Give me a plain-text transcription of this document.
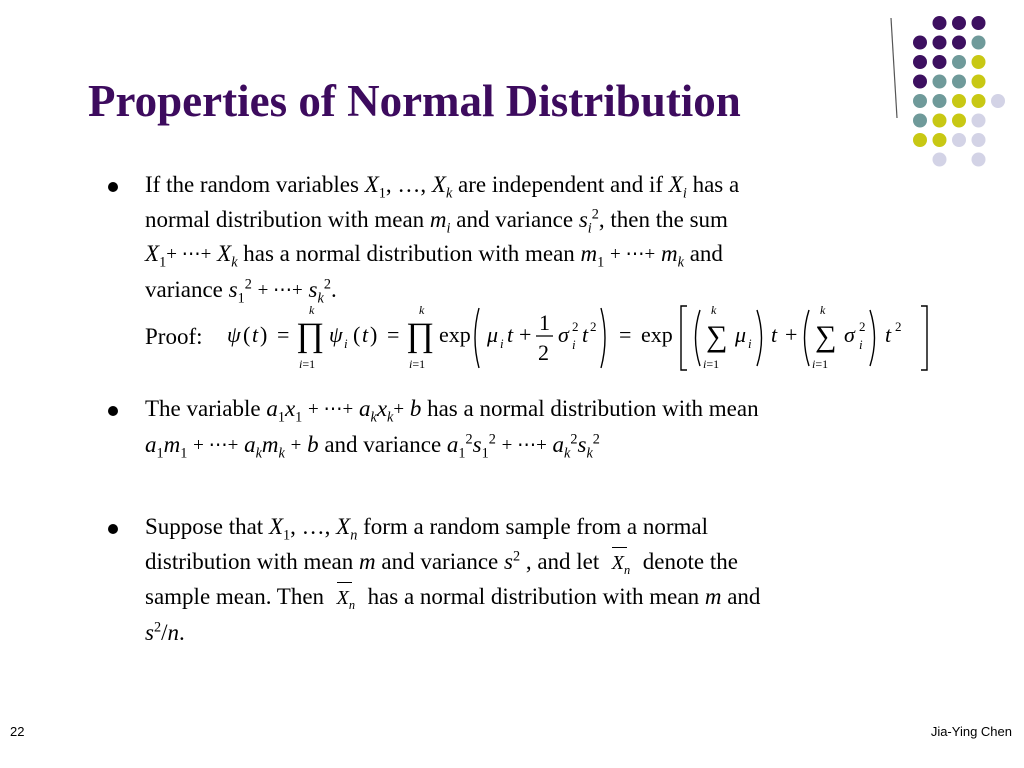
Properties of Normal Distribution
If the random variables $X_1$, …, $X_k$ are independent and if $X_i$ has a
normal distribution with mean $m_i$ and variance $s_i^2$, then the sum
$X_1+$ ⋯+ $X_k$ has a normal distribution with mean $m_1$ + ⋯+ $m_k$ and
variance $s_1^2$ + ⋯+ $s_k^2$.
The variable $a_1x_1$ + ⋯+ $a_kx_k+ b$ has a normal distribution with mean
$a_1m_1$ + ⋯+ $a_km_k + b$ and variance $a_1^2s_1^2$ + ⋯+ $a_k^2s_k^2$
Suppose that $X_1$, …, $X_n$ form a random sample from a normal
distribution with mean m and variance $s^2$ , and let
$X_n$ denote the
sample mean. Then
$X_n$ has a normal distribution with mean m and
$s^2/n$.
Proof: ψ ( t ) = ∏
k
i=1
ψ i ( t ) = ∏
k
i=1
exp μ i t + 1
2
σ 2
i t 2 = exp ∑
k
i=1
μ i t + ∑
k
i=1
σ 2
i t 2
22	Jia-Ying Chen
